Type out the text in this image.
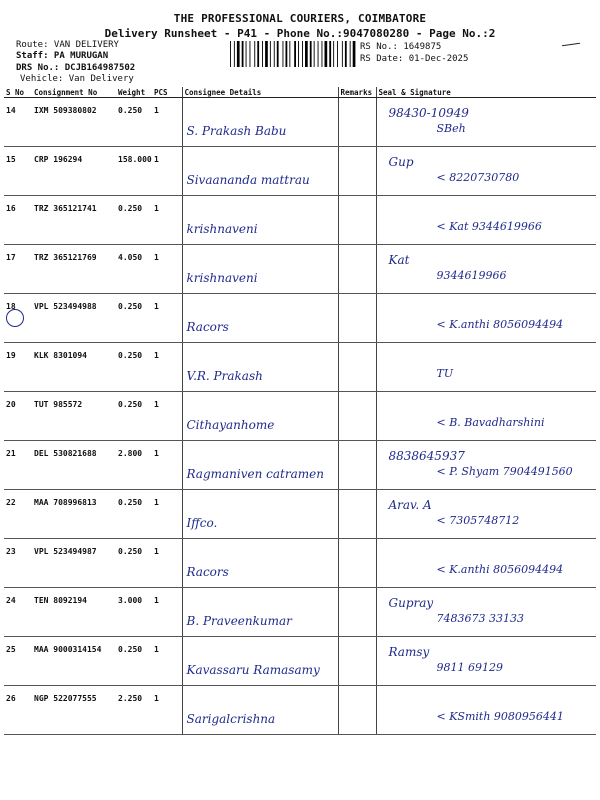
THE PROFESSIONAL COURIERS, COIMBATORE
Delivery Runsheet - P41 - Phone No.:9047080280 - Page No.:2
Route: VAN DELIVERY
Staff: PA MURUGAN
DRS No.: DCJB164987502
Vehicle: Van Delivery
RS No.: 1649875
RS Date: 01-Dec-2025
S No	Consignment No	Weight	PCS	Consignee Details	Remarks	Seal & Signature
14	IXM 509380802	0.250	1	S. Prakash Babu		98430-10949
SBeh

15	CRP 196294	158.000	1	Sivaananda mattrau		Gup
< 8220730780

16	TRZ 365121741	0.250	1	krishnaveni		< Kat 9344619966

17	TRZ 365121769	4.050	1	krishnaveni		Kat
9344619966

18	VPL 523494988	0.250	1	Racors		< K.anthi 8056094494

19	KLK 8301094	0.250	1	V.R. Prakash		TU

20	TUT 985572	0.250	1	Cithayanhome		< B. Bavadharshini

21	DEL 530821688	2.800	1	Ragmaniven catramen		8838645937
< P. Shyam 7904491560

22	MAA 708996813	0.250	1	Iffco.		Arav. A
< 7305748712

23	VPL 523494987	0.250	1	Racors		< K.anthi 8056094494

24	TEN 8092194	3.000	1	B. Praveenkumar		Gupray
7483673 33133

25	MAA 9000314154	0.250	1	Kavassaru Ramasamy		Ramsy
9811 69129

26	NGP 522077555	2.250	1	Sarigalcrishna		< KSmith 9080956441
